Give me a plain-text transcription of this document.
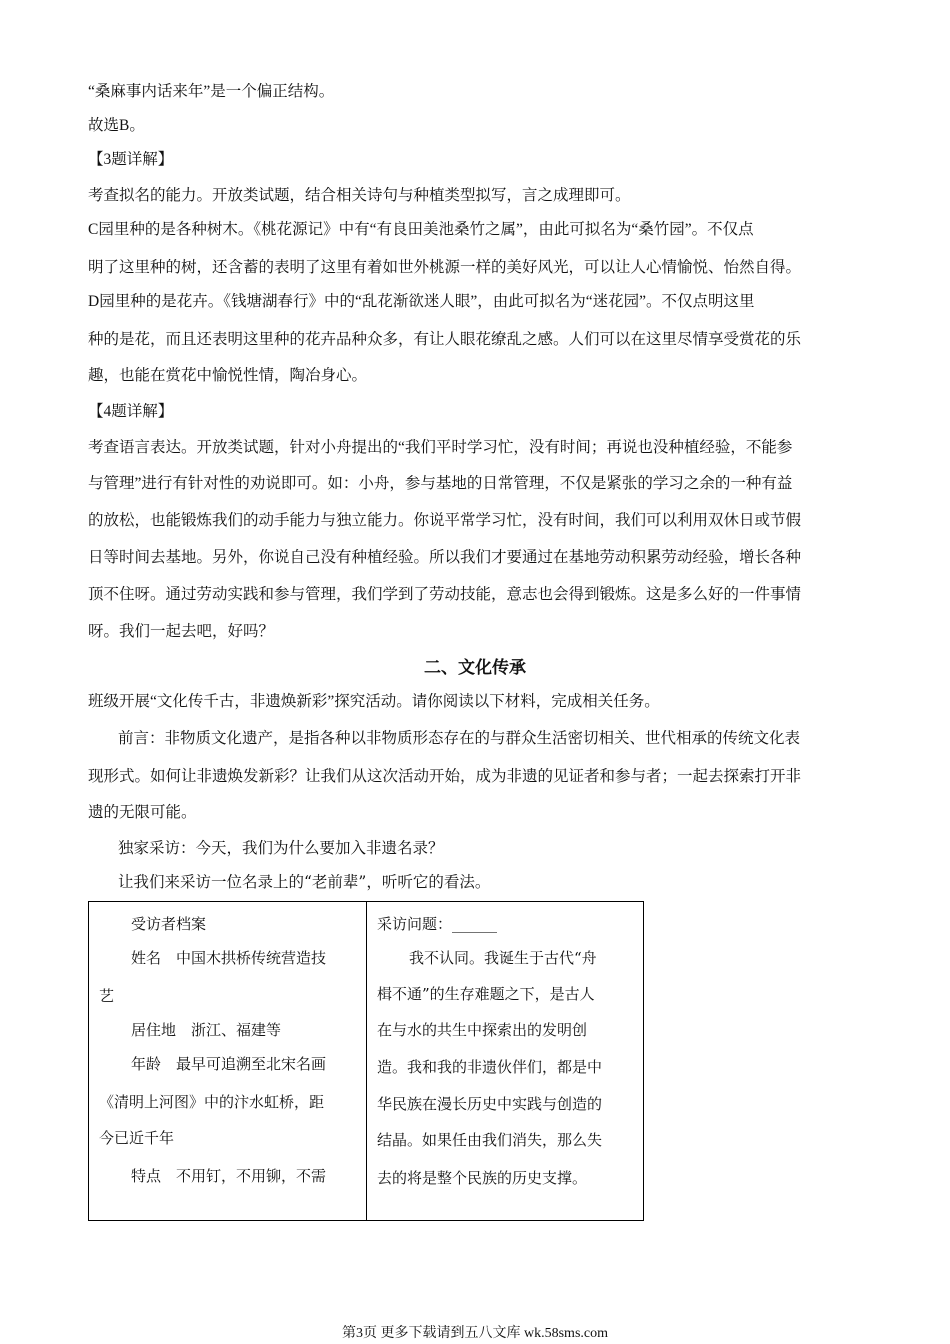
“桑麻事内话来年”是一个偏正结构。
故选B。
【3题详解】
考查拟名的能力。开放类试题，结合相关诗句与种植类型拟写，言之成理即可。
C园里种的是各种树木。《桃花源记》中有“有良田美池桑竹之属”，由此可拟名为“桑竹园”。不仅点
明了这里种的树，还含蓄的表明了这里有着如世外桃源一样的美好风光，可以让人心情愉悦、怡然自得。
D园里种的是花卉。《钱塘湖春行》中的“乱花渐欲迷人眼”，由此可拟名为“迷花园”。不仅点明这里
种的是花，而且还表明这里种的花卉品种众多，有让人眼花缭乱之感。人们可以在这里尽情享受赏花的乐
趣，也能在赏花中愉悦性情，陶冶身心。
【4题详解】
考查语言表达。开放类试题，针对小舟提出的“我们平时学习忙，没有时间；再说也没种植经验，不能参
与管理”进行有针对性的劝说即可。如：小舟，参与基地的日常管理，不仅是紧张的学习之余的一种有益
的放松，也能锻炼我们的动手能力与独立能力。你说平常学习忙，没有时间，我们可以利用双休日或节假
日等时间去基地。另外，你说自己没有种植经验。所以我们才要通过在基地劳动积累劳动经验，增长各种
顶不住呀。通过劳动实践和参与管理，我们学到了劳动技能，意志也会得到锻炼。这是多么好的一件事情
呀。我们一起去吧，好吗？
二、文化传承
班级开展“文化传千古，非遗焕新彩”探究活动。请你阅读以下材料，完成相关任务。
前言：非物质文化遗产，是指各种以非物质形态存在的与群众生活密切相关、世代相承的传统文化表
现形式。如何让非遗焕发新彩？让我们从这次活动开始，成为非遗的见证者和参与者；一起去探索打开非
遗的无限可能。
独家采访：今天，我们为什么要加入非遗名录？
让我们来采访一位名录上的“老前辈”，听听它的看法。
受访者档案
姓名　中国木拱桥传统营造技
艺
居住地　浙江、福建等
年龄　最早可追溯至北宋名画
《清明上河图》中的汴水虹桥，距
今已近千年
特点　不用钉，不用铆，不需
采访问题：______
我不认同。我诞生于古代“舟
楫不通”的生存难题之下，是古人
在与水的共生中探索出的发明创
造。我和我的非遗伙伴们，都是中
华民族在漫长历史中实践与创造的
结晶。如果任由我们消失，那么失
去的将是整个民族的历史支撑。
第3页 更多下载请到五八文库 wk.58sms.com
